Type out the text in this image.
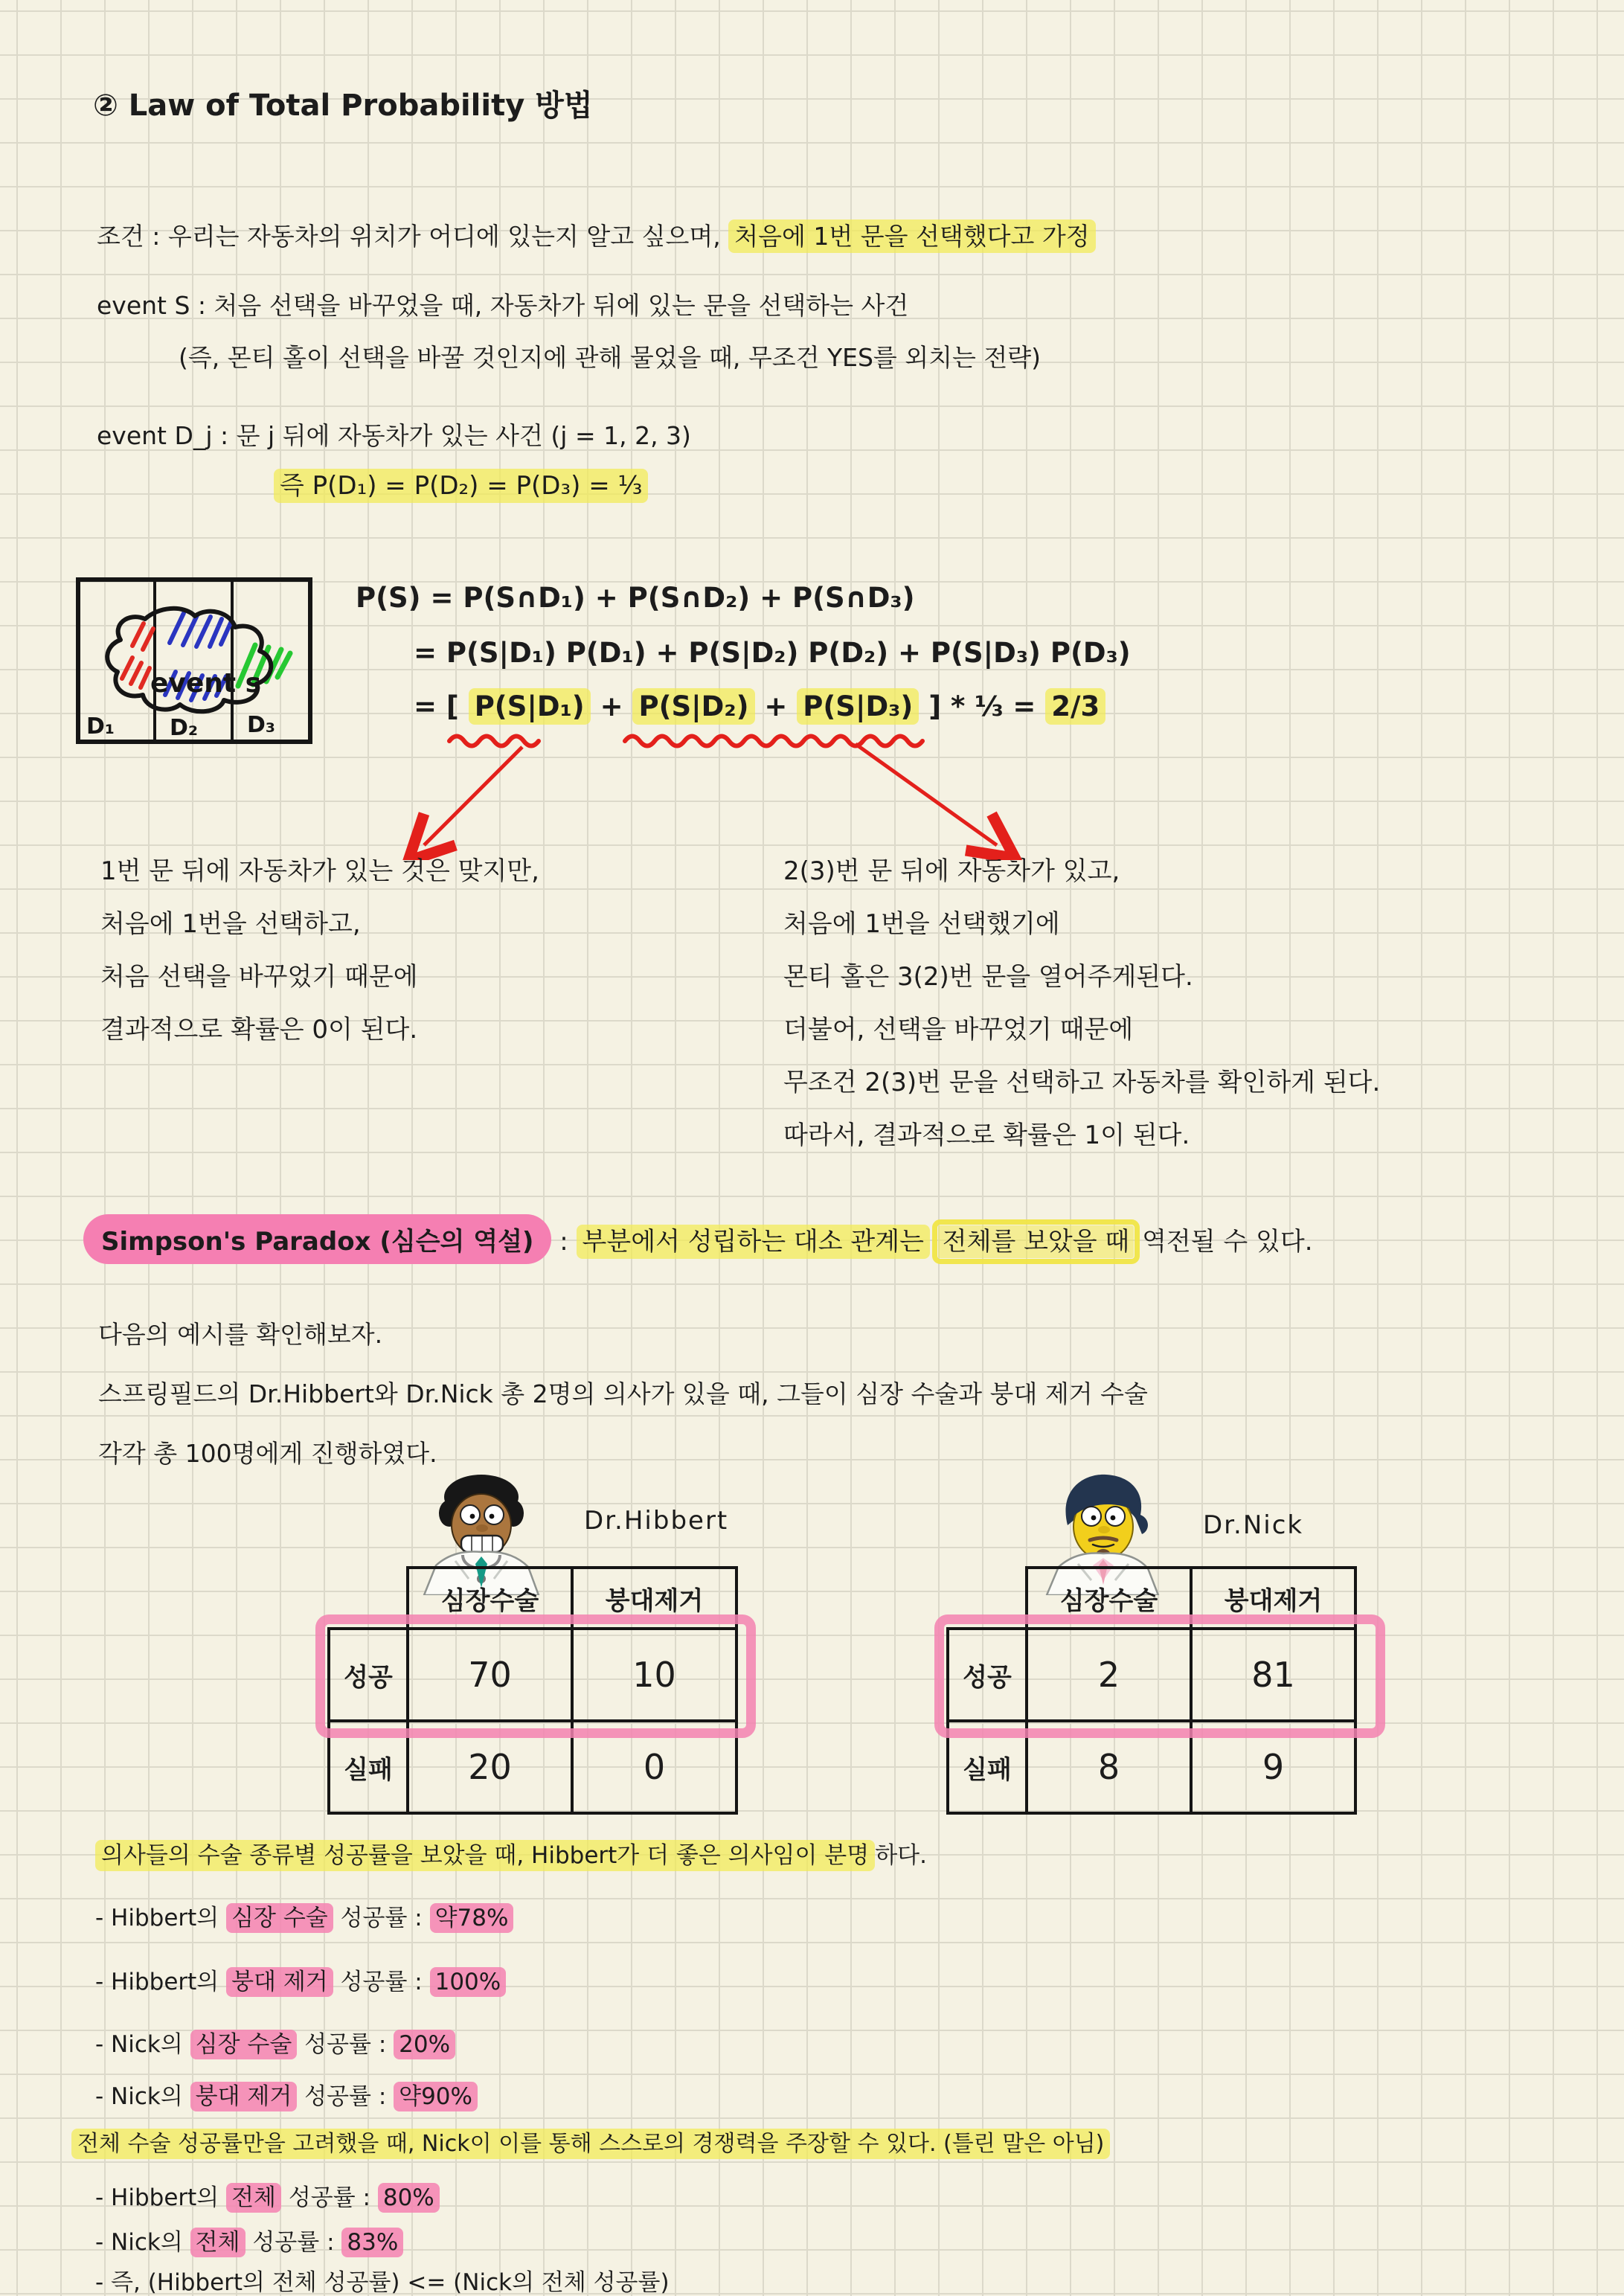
② Law of Total Probability 방법
조건 : 우리는 자동차의 위치가 어디에 있는지 알고 싶으며, 처음에 1번 문을 선택했다고 가정
event S : 처음 선택을 바꾸었을 때, 자동차가 뒤에 있는 문을 선택하는 사건
(즉, 몬티 홀이 선택을 바꿀 것인지에 관해 물었을 때, 무조건 YES를 외치는 전략)
event D_j : 문 j 뒤에 자동차가 있는 사건 (j = 1, 2, 3)
즉 P(D₁) = P(D₂) = P(D₃) = ⅓
event s
D₁ D₂ D₃
P(S) = P(S∩D₁) + P(S∩D₂) + P(S∩D₃)
= P(S|D₁) P(D₁) + P(S|D₂) P(D₂) + P(S|D₃) P(D₃)
= [ P(S|D₁) + P(S|D₂) + P(S|D₃) ] * ⅓ = 2/3
1번 문 뒤에 자동차가 있는 것은 맞지만,
처음에 1번을 선택하고,
처음 선택을 바꾸었기 때문에
결과적으로 확률은 0이 된다.
2(3)번 문 뒤에 자동차가 있고,
처음에 1번을 선택했기에
몬티 홀은 3(2)번 문을 열어주게된다.
더불어, 선택을 바꾸었기 때문에
무조건 2(3)번 문을 선택하고 자동차를 확인하게 된다.
따라서, 결과적으로 확률은 1이 된다.
Simpson's Paradox (심슨의 역설) : 부분에서 성립하는 대소 관계는 전체를 보았을 때 역전될 수 있다.
다음의 예시를 확인해보자.
스프링필드의 Dr.Hibbert와 Dr.Nick 총 2명의 의사가 있을 때, 그들이 심장 수술과 붕대 제거 수술
각각 총 100명에게 진행하였다.
Dr.Hibbert
	심장수술	붕대제거
성공	70	10
실패	20	0
Dr.Nick
	심장수술	붕대제거
성공	2	81
실패	8	9
의사들의 수술 종류별 성공률을 보았을 때, Hibbert가 더 좋은 의사임이 분명 하다.
- Hibbert의 심장 수술 성공률 : 약78%
- Hibbert의 붕대 제거 성공률 : 100%
- Nick의 심장 수술 성공률 : 20%
- Nick의 붕대 제거 성공률 : 약90%
전체 수술 성공률만을 고려했을 때, Nick이 이를 통해 스스로의 경쟁력을 주장할 수 있다. (틀린 말은 아님)
- Hibbert의 전체 성공률 : 80%
- Nick의 전체 성공률 : 83%
- 즉, (Hibbert의 전체 성공률) <= (Nick의 전체 성공률)
